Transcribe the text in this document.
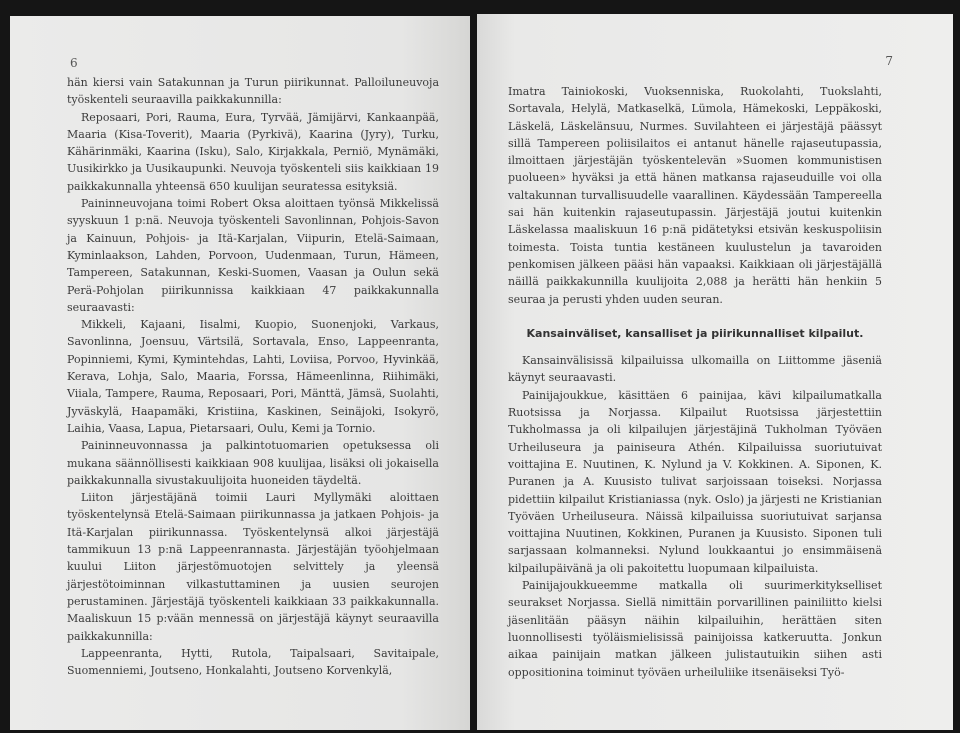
6

hän kiersi vain Satakunnan ja Turun piirikunnat. Palloiluneuvoja työskenteli seuraavilla paikkakunnilla:

Reposaari, Pori, Rauma, Eura, Tyrvää, Jämijärvi, Kankaanpää, Maaria (Kisa-Toverit), Maaria (Pyrkivä), Kaarina (Jyry), Turku, Kähärinmäki, Kaarina (Isku), Salo, Kirjakkala, Perniö, Mynämäki, Uusikirkko ja Uusikaupunki. Neuvoja työskenteli siis kaikkiaan 19 paikkakunnalla yhteensä 650 kuulijan seuratessa esityksiä.

Paininneuvojana toimi Robert Oksa aloittaen työnsä Mikkelissä syyskuun 1 p:nä. Neuvoja työskenteli Savonlinnan, Pohjois-Savon ja Kainuun, Pohjois- ja Itä-Karjalan, Viipurin, Etelä-Saimaan, Kyminlaakson, Lahden, Porvoon, Uudenmaan, Turun, Hämeen, Tampereen, Satakunnan, Keski-Suomen, Vaasan ja Oulun sekä Perä-Pohjolan piirikunnissa kaikkiaan 47 paikkakunnalla seuraavasti:

Mikkeli, Kajaani, Iisalmi, Kuopio, Suonenjoki, Varkaus, Savonlinna, Joensuu, Värtsilä, Sortavala, Enso, Lappeenranta, Popinniemi, Kymi, Kymintehdas, Lahti, Loviisa, Porvoo, Hyvinkää, Kerava, Lohja, Salo, Maaria, Forssa, Hämeenlinna, Riihimäki, Viiala, Tampere, Rauma, Reposaari, Pori, Mänttä, Jämsä, Suolahti, Jyväskylä, Haapamäki, Kristiina, Kaskinen, Seinäjoki, Isokyrö, Laihia, Vaasa, Lapua, Pietarsaari, Oulu, Kemi ja Tornio.

Paininneuvonnassa ja palkintotuomarien opetuksessa oli mukana säännöllisesti kaikkiaan 908 kuulijaa, lisäksi oli jokaisella paikkakunnalla sivustakuulijoita huoneiden täydeltä.

Liiton järjestäjänä toimii Lauri Myllymäki aloittaen työskentelynsä Etelä-Saimaan piirikunnassa ja jatkaen Pohjois- ja Itä-Karjalan piirikunnassa. Työskentelynsä alkoi järjestäjä tammikuun 13 p:nä Lappeenrannasta. Järjestäjän työohjelmaan kuului Liiton järjestömuotojen selvittely ja yleensä järjestötoiminnan vilkastuttaminen ja uusien seurojen perustaminen. Järjestäjä työskenteli kaikkiaan 33 paikkakunnalla. Maaliskuun 15 p:vään mennessä on järjestäjä käynyt seuraavilla paikkakunnilla:

Lappeenranta, Hytti, Rutola, Taipalsaari, Savitaipale, Suomenniemi, Joutseno, Honkalahti, Joutseno Korvenkylä,

7

Imatra Tainiokoski, Vuoksenniska, Ruokolahti, Tuokslahti, Sortavala, Helylä, Matkaselkä, Lümola, Hämekoski, Leppäkoski, Läskelä, Läskelänsuu, Nurmes. Suvilahteen ei järjestäjä päässyt sillä Tampereen poliisilaitos ei antanut hänelle rajaseutupassia, ilmoittaen järjestäjän työskentelevän »Suomen kommunistisen puolueen» hyväksi ja että hänen matkansa rajaseuduille voi olla valtakunnan turvallisuudelle vaarallinen. Käydessään Tampereella sai hän kuitenkin rajaseutupassin. Järjestäjä joutui kuitenkin Läskelassa maaliskuun 16 p:nä pidätetyksi etsivän keskuspoliisin toimesta. Toista tuntia kestäneen kuulustelun ja tavaroiden penkomisen jälkeen pääsi hän vapaaksi. Kaikkiaan oli järjestäjällä näillä paikkakunnilla kuulijoita 2,088 ja herätti hän henkiin 5 seuraa ja perusti yhden uuden seuran.

Kansainväliset, kansalliset ja piirikunnalliset kilpailut.

Kansainvälisissä kilpailuissa ulkomailla on Liittomme jäseniä käynyt seuraavasti.

Painijajoukkue, käsittäen 6 painijaa, kävi kilpailumatkalla Ruotsissa ja Norjassa. Kilpailut Ruotsissa järjestettiin Tukholmassa ja oli kilpailujen järjestäjinä Tukholman Työväen Urheiluseura ja painiseura Athén. Kilpailuissa suoriutuivat voittajina E. Nuutinen, K. Nylund ja V. Kokkinen. A. Siponen, K. Puranen ja A. Kuusisto tulivat sarjoissaan toiseksi. Norjassa pidettiin kilpailut Kristianiassa (nyk. Oslo) ja järjesti ne Kristianian Työväen Urheiluseura. Näissä kilpailuissa suoriutuivat sarjansa voittajina Nuutinen, Kokkinen, Puranen ja Kuusisto. Siponen tuli sarjassaan kolmanneksi. Nylund loukkaantui jo ensimmäisenä kilpailupäivänä ja oli pakoitettu luopumaan kilpailuista.

Painijajoukkueemme matkalla oli suurimerkitykselliset seurakset Norjassa. Siellä nimittäin porvarillinen painiliitto kielsi jäsenlitään pääsyn näihin kilpailuihin, herättäen siten luonnollisesti työläismielisissä painijoissa katkeruutta. Jonkun aikaa painijain matkan jälkeen julistautuikin siihen asti oppositionina toiminut työväen urheiluliike itsenäiseksi Työ-
